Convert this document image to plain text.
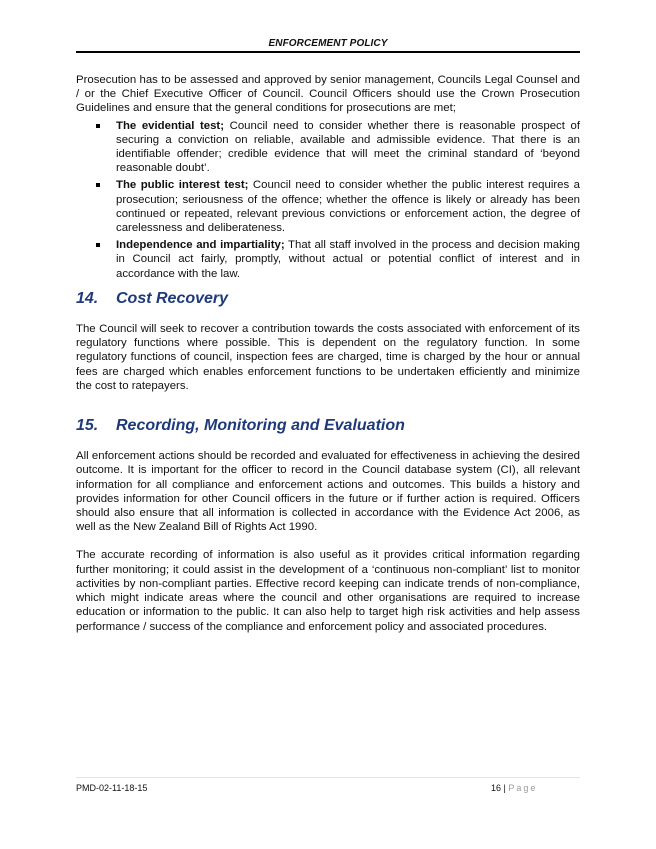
ENFORCEMENT POLICY

Prosecution has to be assessed and approved by senior management, Councils Legal Counsel and / or the Chief Executive Officer of Council. Council Officers should use the Crown Prosecution Guidelines and ensure that the general conditions for prosecutions are met;

The evidential test; Council need to consider whether there is reasonable prospect of securing a conviction on reliable, available and admissible evidence. That there is an identifiable offender; credible evidence that will meet the criminal standard of ‘beyond reasonable doubt’.
The public interest test; Council need to consider whether the public interest requires a prosecution; seriousness of the offence; whether the offence is likely or already has been continued or repeated, relevant previous convictions or enforcement action, the degree of carelessness and deliberateness.
Independence and impartiality; That all staff involved in the process and decision making in Council act fairly, promptly, without actual or potential conflict of interest and in accordance with the law.
14.	Cost Recovery

The Council will seek to recover a contribution towards the costs associated with enforcement of its regulatory functions where possible. This is dependent on the regulatory function. In some regulatory functions of council, inspection fees are charged, time is charged by the hour or annual fees are charged which enables enforcement functions to be undertaken efficiently and minimize the cost to ratepayers.

15.	Recording, Monitoring and Evaluation

All enforcement actions should be recorded and evaluated for effectiveness in achieving the desired outcome. It is important for the officer to record in the Council database system (CI), all relevant information for all compliance and enforcement actions and outcomes. This builds a history and provides information for other Council officers in the future or if further action is required. Officers should also ensure that all information is collected in accordance with the Evidence Act 2006, as well as the New Zealand Bill of Rights Act 1990.

The accurate recording of information is also useful as it provides critical information regarding further monitoring; it could assist in the development of a ‘continuous non-compliant’ list to monitor activities by non-compliant parties. Effective record keeping can indicate trends of non-compliance, which might indicate areas where the council and other organisations are required to increase education or information to the public. It can also help to target high risk activities and help assess performance / success of the compliance and enforcement policy and associated procedures.

PMD-02-11-18-15	16 | Page
